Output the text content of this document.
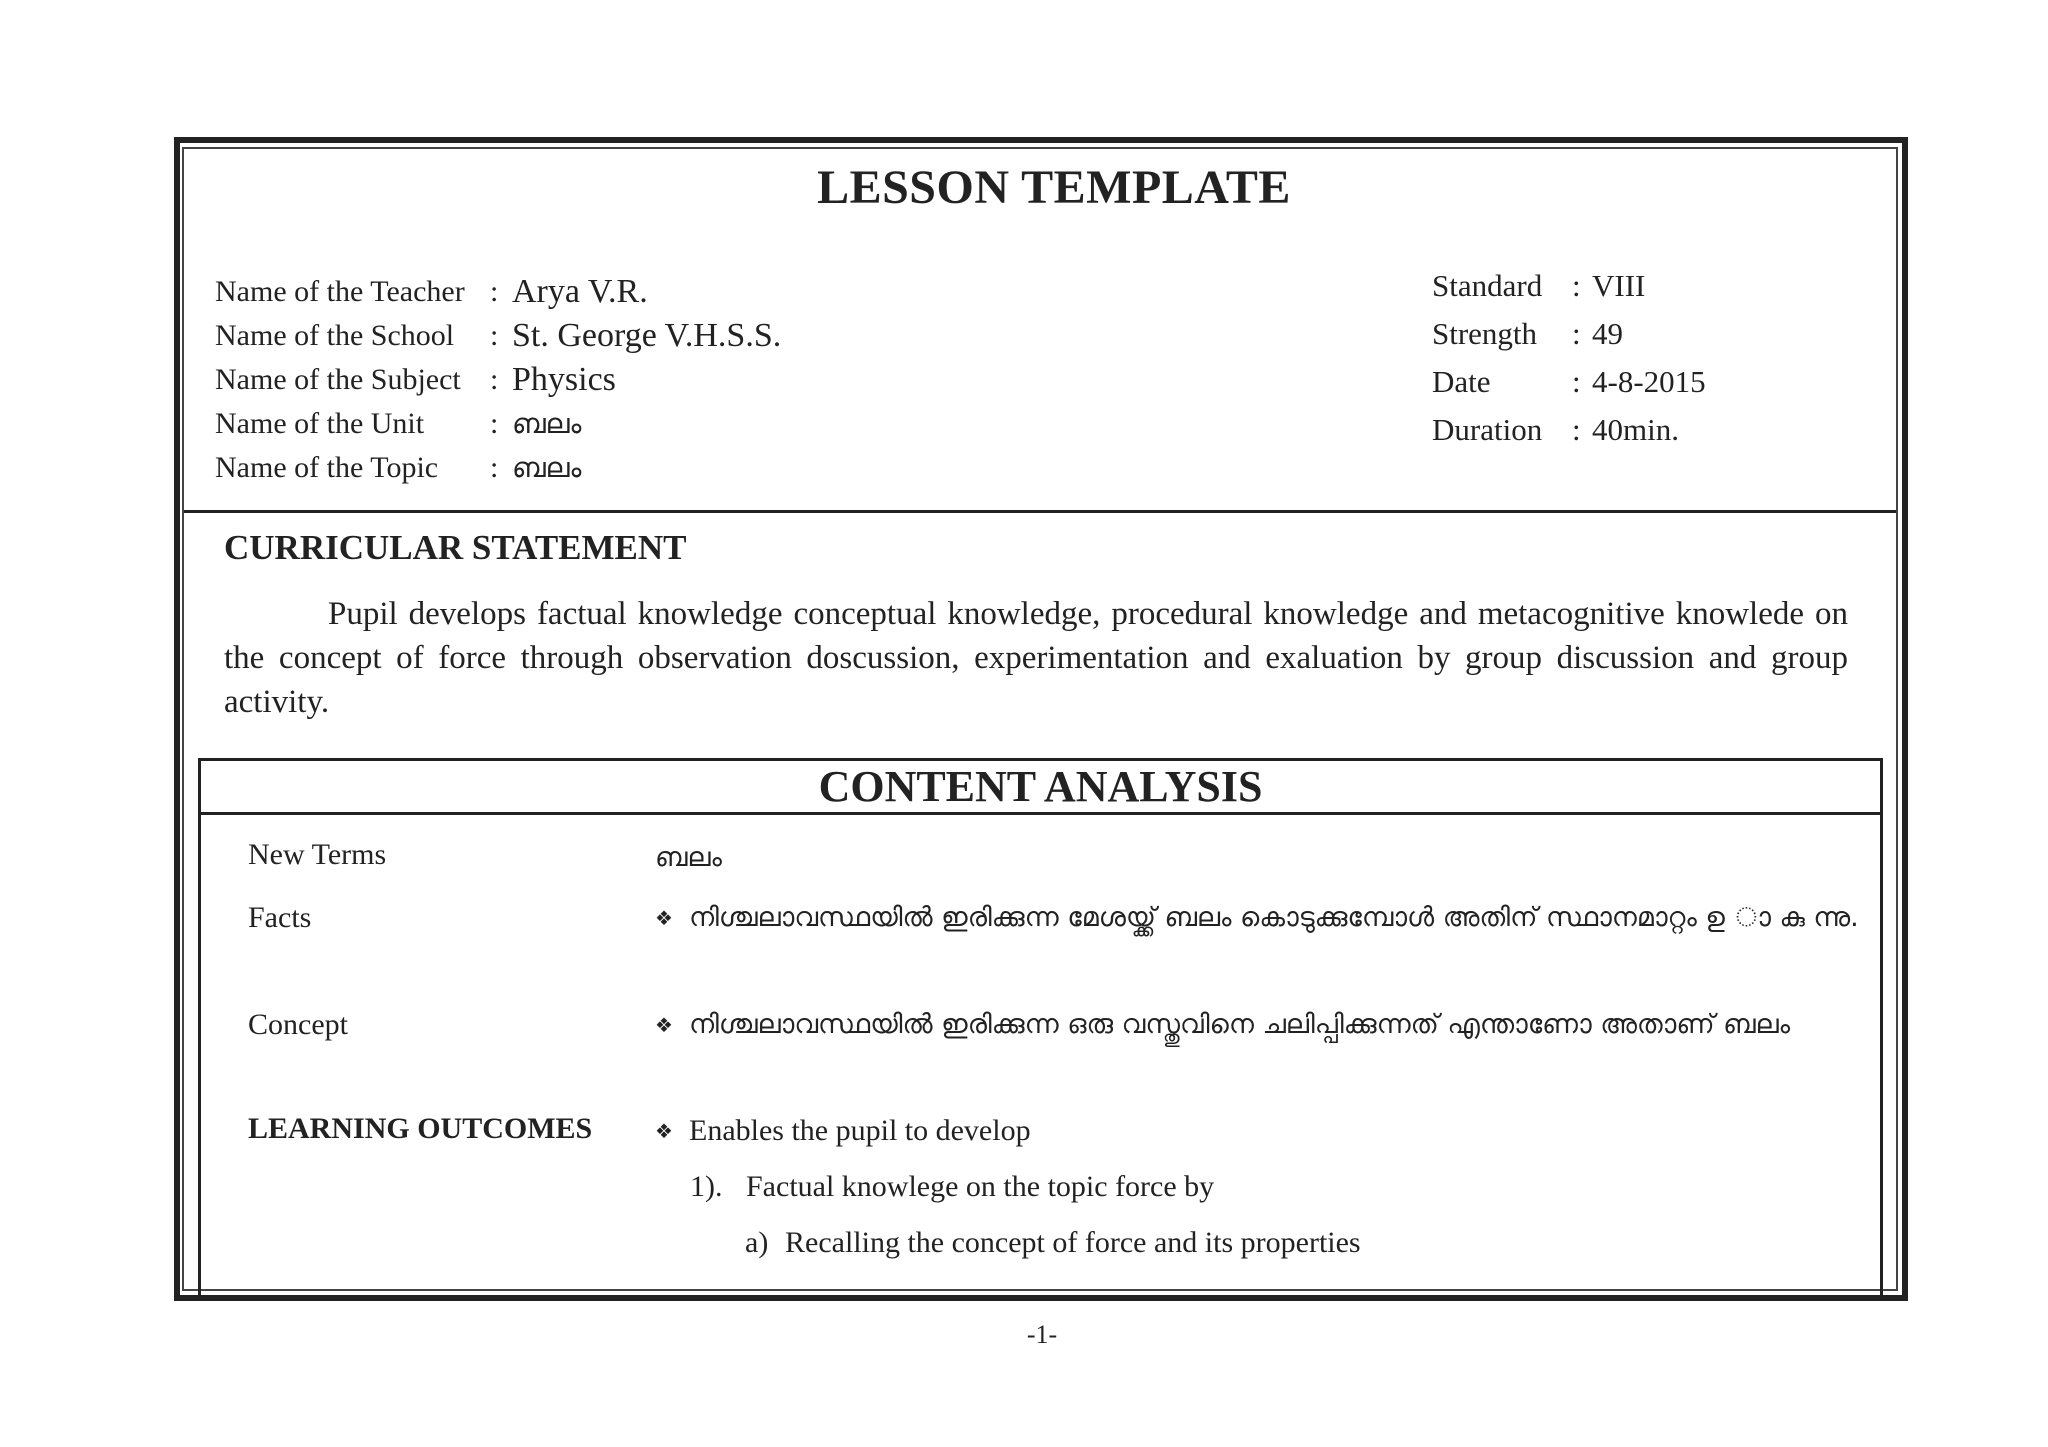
LESSON TEMPLATE
Name of the Teacher : Arya V.R.
Name of the School	: St. George V.H.S.S.
Name of the Subject : Physics
Name of the Unit	: ബലം
Name of the Topic	: ബലം
Standard : VIII
Strength	: 49
Date	: 4-8-2015
Duration : 40min.
CURRICULAR STATEMENT
Pupil develops factual knowledge conceptual knowledge, procedural knowledge and metacognitive knowlede on the concept of force through observation doscussion, experimentation and exaluation by group discussion and group activity.
CONTENT ANALYSIS
New Terms	ബലം
Facts	❖ നിശ്ചലാവസ്ഥയിൽ ഇരിക്കുന്ന മേശയ്ക്ക് ബലം കൊടുക്കുമ്പോൾ അതിന് സ്ഥാനമാറ്റം ഉ ാ കു ന്നു.
Concept	❖ നിശ്ചലാവസ്ഥയിൽ ഇരിക്കുന്ന ഒരു വസ്തുവിനെ ചലിപ്പിക്കുന്നത് എന്താണോ അതാണ് ബലം
LEARNING OUTCOMES	❖ Enables the pupil to develop
1). Factual knowlege on the topic force by
a) Recalling the concept of force and its properties
-1-
